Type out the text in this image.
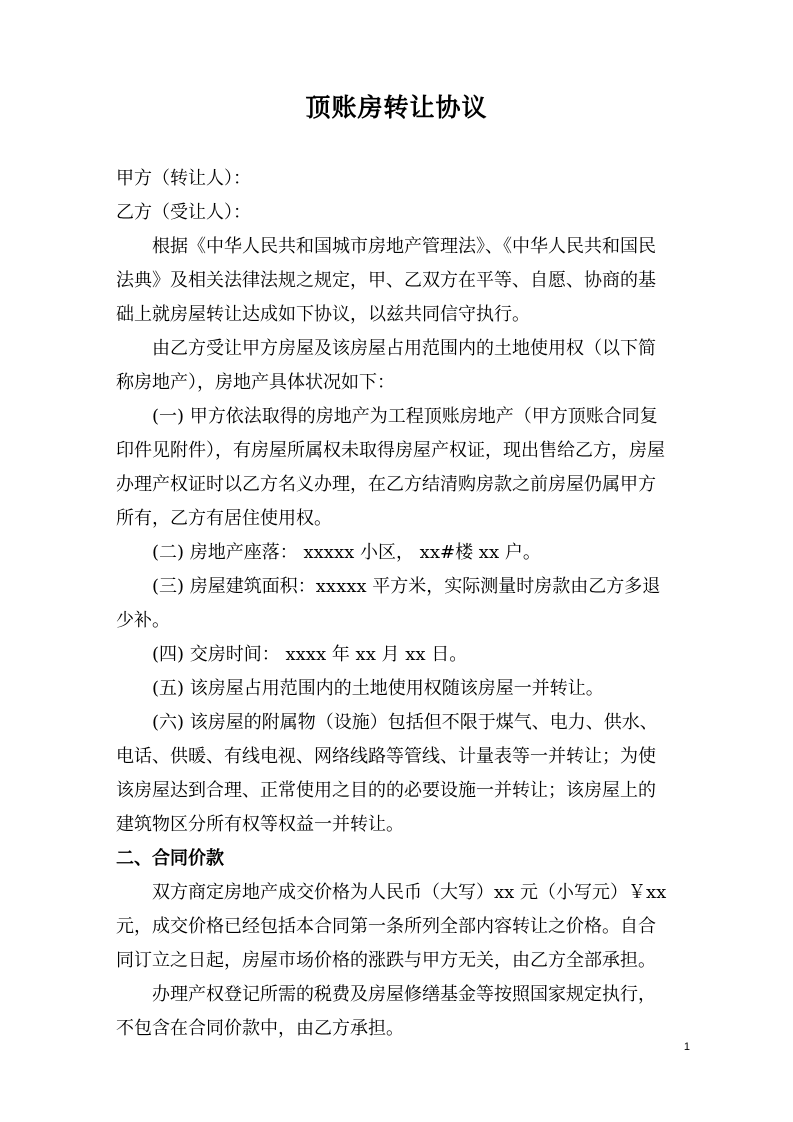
顶账房转让协议
甲方（转让人）：
乙方（受让人）：
根据《中华人民共和国城市房地产管理法》、《中华人民共和国民
法典》及相关法律法规之规定，甲、乙双方在平等、自愿、协商的基
础上就房屋转让达成如下协议，以兹共同信守执行。
由乙方受让甲方房屋及该房屋占用范围内的土地使用权（以下简
称房地产），房地产具体状况如下：
(一) 甲方依法取得的房地产为工程顶账房地产（甲方顶账合同复
印件见附件），有房屋所属权未取得房屋产权证，现出售给乙方，房屋
办理产权证时以乙方名义办理，在乙方结清购房款之前房屋仍属甲方
所有，乙方有居住使用权。
(二) 房地产座落： xxxxx 小区， xx#楼 xx 户。
(三) 房屋建筑面积：xxxxx 平方米，实际测量时房款由乙方多退
少补。
(四) 交房时间： xxxx 年 xx 月 xx 日。
(五) 该房屋占用范围内的土地使用权随该房屋一并转让。
(六) 该房屋的附属物（设施）包括但不限于煤气、电力、供水、
电话、供暖、有线电视、网络线路等管线、计量表等一并转让；为使
该房屋达到合理、正常使用之目的的必要设施一并转让；该房屋上的
建筑物区分所有权等权益一并转让。
二、合同价款
双方商定房地产成交价格为人民币（大写）xx 元（小写元）￥xx
元，成交价格已经包括本合同第一条所列全部内容转让之价格。自合
同订立之日起，房屋市场价格的涨跌与甲方无关，由乙方全部承担。
办理产权登记所需的税费及房屋修缮基金等按照国家规定执行，
不包含在合同价款中，由乙方承担。
1
